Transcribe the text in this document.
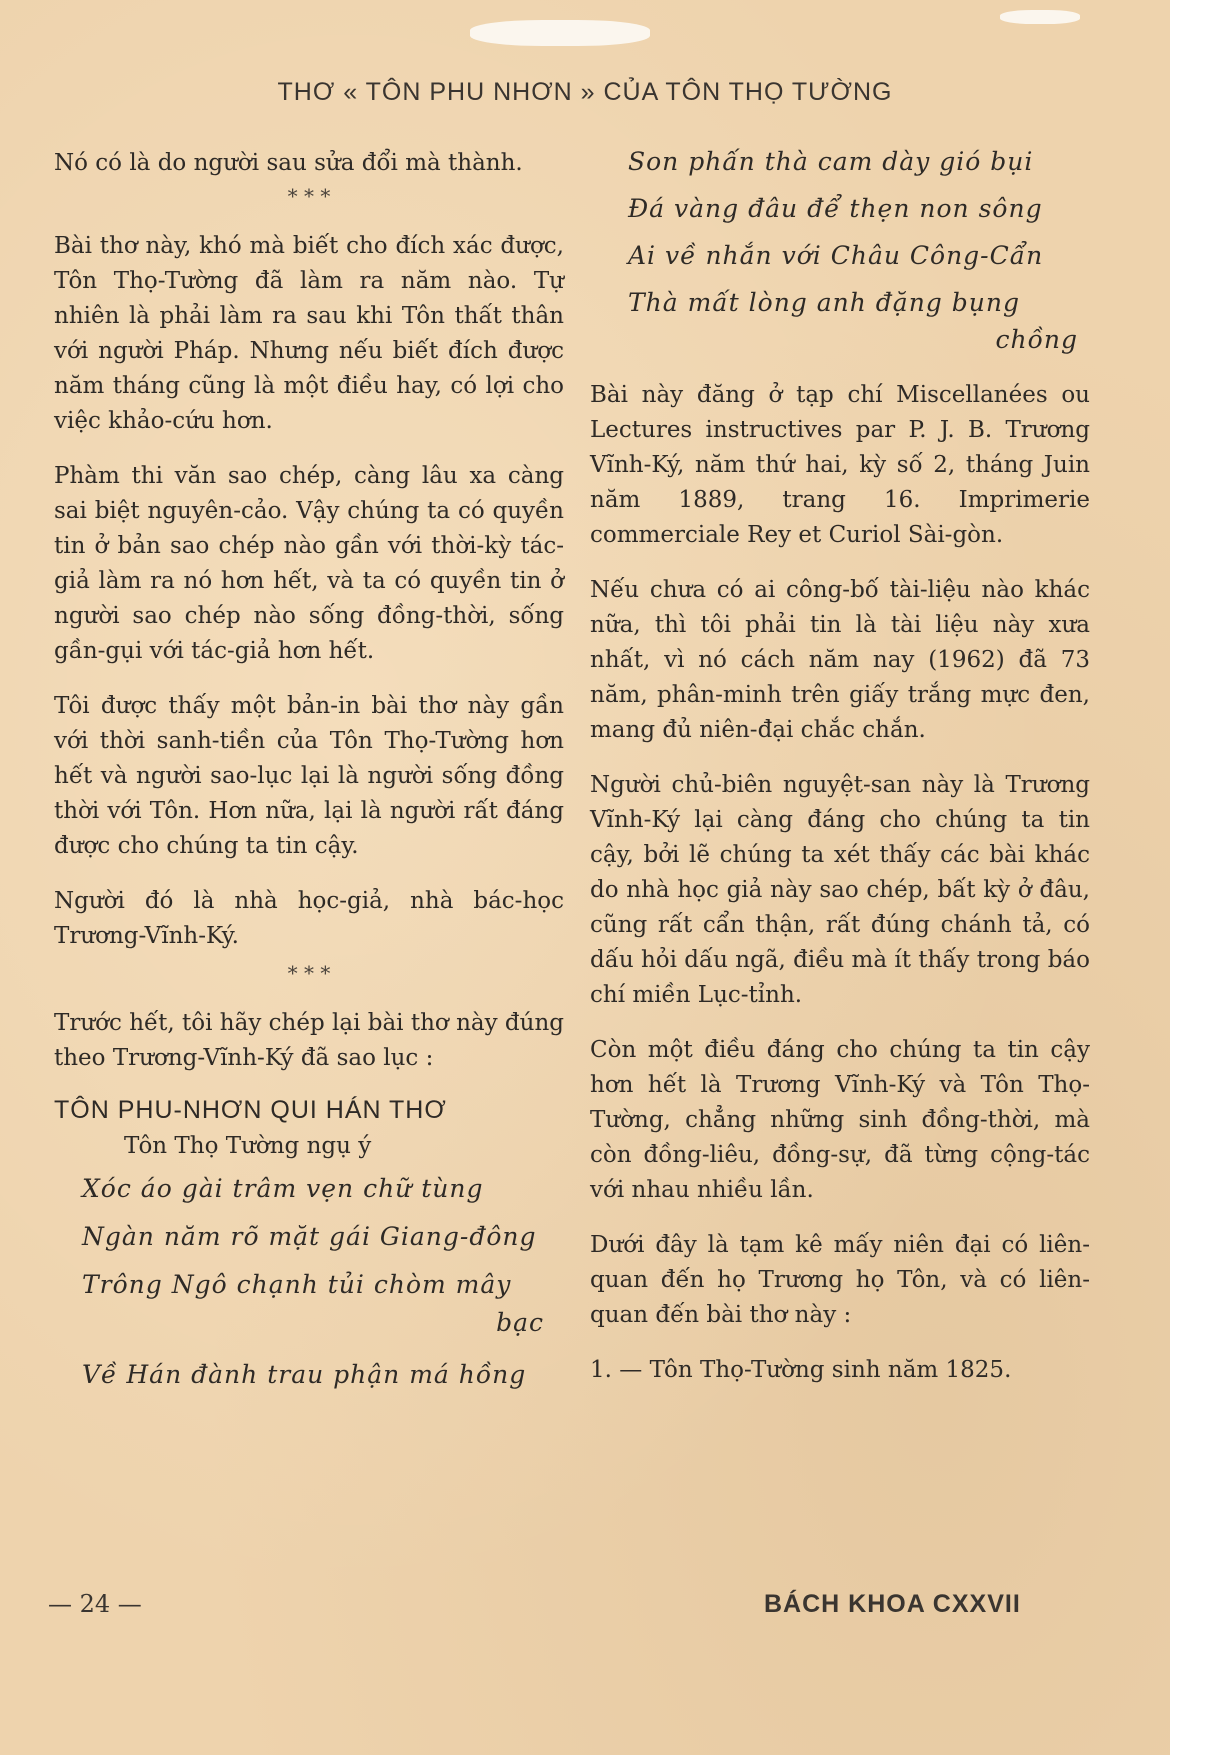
THƠ « TÔN PHU NHƠN » CỦA TÔN THỌ TƯỜNG

Nó có là do người sau sửa đổi mà thành.

* * *

Bài thơ này, khó mà biết cho đích xác được, Tôn Thọ-Tường đã làm ra năm nào. Tự nhiên là phải làm ra sau khi Tôn thất thân với người Pháp. Nhưng nếu biết đích được năm tháng cũng là một điều hay, có lợi cho việc khảo-cứu hơn.

Phàm thi văn sao chép, càng lâu xa càng sai biệt nguyên-cảo. Vậy chúng ta có quyền tin ở bản sao chép nào gần với thời-kỳ tác-giả làm ra nó hơn hết, và ta có quyền tin ở người sao chép nào sống đồng-thời, sống gần-gụi với tác-giả hơn hết.

Tôi được thấy một bản-in bài thơ này gần với thời sanh-tiền của Tôn Thọ-Tường hơn hết và người sao-lục lại là người sống đồng thời với Tôn. Hơn nữa, lại là người rất đáng được cho chúng ta tin cậy.

Người đó là nhà học-giả, nhà bác-học Trương-Vĩnh-Ký.

* * *

Trước hết, tôi hãy chép lại bài thơ này đúng theo Trương-Vĩnh-Ký đã sao lục :

TÔN PHU-NHƠN QUI HÁN THƠ
Tôn Thọ Tường ngụ ý
Xóc áo gài trâm vẹn chữ tùng
Ngàn năm rõ mặt gái Giang-đông
Trông Ngô chạnh tủi chòm mây
bạc
Về Hán đành trau phận má hồng
Son phấn thà cam dày gió bụi
Đá vàng đâu để thẹn non sông
Ai về nhắn với Châu Công-Cẩn
Thà mất lòng anh đặng bụng
chồng

Bài này đăng ở tạp chí Miscellanées ou Lectures instructives par P. J. B. Trương Vĩnh-Ký, năm thứ hai, kỳ số 2, tháng Juin năm 1889, trang 16. Imprimerie commerciale Rey et Curiol Sài-gòn.

Nếu chưa có ai công-bố tài-liệu nào khác nữa, thì tôi phải tin là tài liệu này xưa nhất, vì nó cách năm nay (1962) đã 73 năm, phân-minh trên giấy trắng mực đen, mang đủ niên-đại chắc chắn.

Người chủ-biên nguyệt-san này là Trương Vĩnh-Ký lại càng đáng cho chúng ta tin cậy, bởi lẽ chúng ta xét thấy các bài khác do nhà học giả này sao chép, bất kỳ ở đâu, cũng rất cẩn thận, rất đúng chánh tả, có dấu hỏi dấu ngã, điều mà ít thấy trong báo chí miền Lục-tỉnh.

Còn một điều đáng cho chúng ta tin cậy hơn hết là Trương Vĩnh-Ký và Tôn Thọ-Tường, chẳng những sinh đồng-thời, mà còn đồng-liêu, đồng-sự, đã từng cộng-tác với nhau nhiều lần.

Dưới đây là tạm kê mấy niên đại có liên-quan đến họ Trương họ Tôn, và có liên-quan đến bài thơ này :

1. — Tôn Thọ-Tường sinh năm 1825.

— 24 —	BÁCH KHOA CXXVII
